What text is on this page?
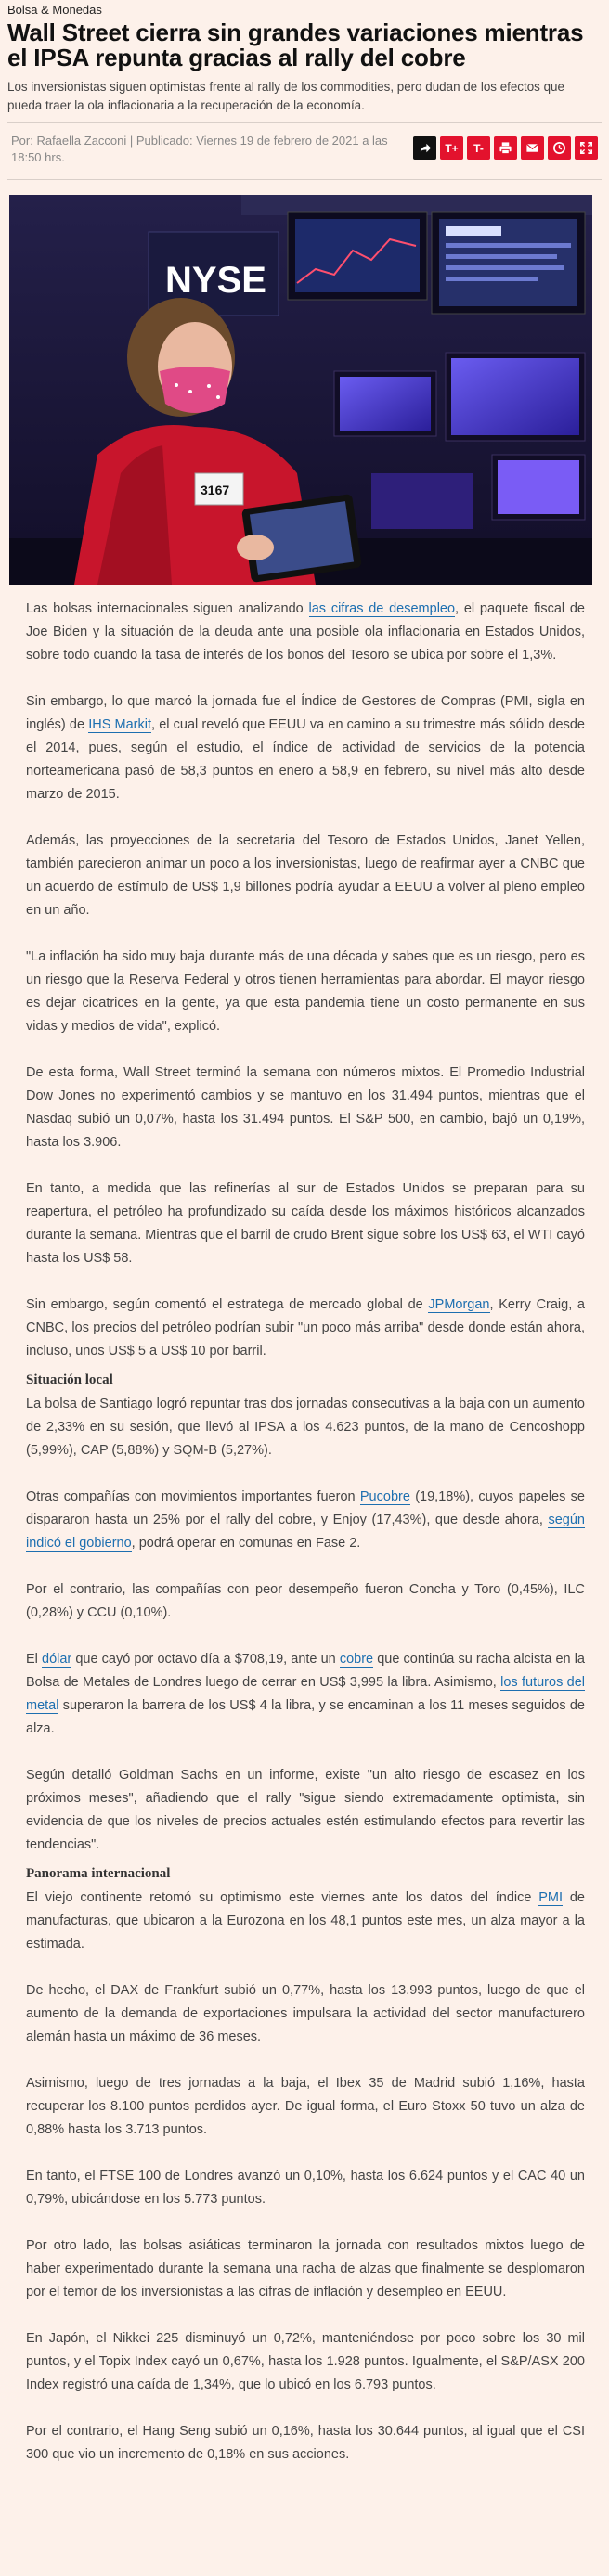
Bolsa & Monedas
Wall Street cierra sin grandes variaciones mientras el IPSA repunta gracias al rally del cobre
Los inversionistas siguen optimistas frente al rally de los commodities, pero dudan de los efectos que pueda traer la ola inflacionaria a la recuperación de la economía.
Por: Rafaella Zacconi | Publicado: Viernes 19 de febrero de 2021 a las 18:50 hrs.
T+	T-
NYSE
3167

Las bolsas internacionales siguen analizando las cifras de desempleo, el paquete fiscal de Joe Biden y la situación de la deuda ante una posible ola inflacionaria en Estados Unidos, sobre todo cuando la tasa de interés de los bonos del Tesoro se ubica por sobre el 1,3%.

Sin embargo, lo que marcó la jornada fue el Índice de Gestores de Compras (PMI, sigla en inglés) de IHS Markit, el cual reveló que EEUU va en camino a su trimestre más sólido desde el 2014, pues, según el estudio, el índice de actividad de servicios de la potencia norteamericana pasó de 58,3 puntos en enero a 58,9 en febrero, su nivel más alto desde marzo de 2015.

Además, las proyecciones de la secretaria del Tesoro de Estados Unidos, Janet Yellen, también parecieron animar un poco a los inversionistas, luego de reafirmar ayer a CNBC que un acuerdo de estímulo de US$ 1,9 billones podría ayudar a EEUU a volver al pleno empleo en un año.

"La inflación ha sido muy baja durante más de una década y sabes que es un riesgo, pero es un riesgo que la Reserva Federal y otros tienen herramientas para abordar. El mayor riesgo es dejar cicatrices en la gente, ya que esta pandemia tiene un costo permanente en sus vidas y medios de vida", explicó.

De esta forma, Wall Street terminó la semana con números mixtos. El Promedio Industrial Dow Jones no experimentó cambios y se mantuvo en los 31.494 puntos, mientras que el Nasdaq subió un 0,07%, hasta los 31.494 puntos. El S&P 500, en cambio, bajó un 0,19%, hasta los 3.906.

En tanto, a medida que las refinerías al sur de Estados Unidos se preparan para su reapertura, el petróleo ha profundizado su caída desde los máximos históricos alcanzados durante la semana. Mientras que el barril de crudo Brent sigue sobre los US$ 63, el WTI cayó hasta los US$ 58.

Sin embargo, según comentó el estratega de mercado global de JPMorgan, Kerry Craig, a CNBC, los precios del petróleo podrían subir "un poco más arriba" desde donde están ahora, incluso, unos US$ 5 a US$ 10 por barril.

Situación local

La bolsa de Santiago logró repuntar tras dos jornadas consecutivas a la baja con un aumento de 2,33% en su sesión, que llevó al IPSA a los 4.623 puntos, de la mano de Cencoshopp (5,99%), CAP (5,88%) y SQM-B (5,27%).

Otras compañías con movimientos importantes fueron Pucobre (19,18%), cuyos papeles se dispararon hasta un 25% por el rally del cobre, y Enjoy (17,43%), que desde ahora, según indicó el gobierno, podrá operar en comunas en Fase 2.

Por el contrario, las compañías con peor desempeño fueron Concha y Toro (0,45%), ILC (0,28%) y CCU (0,10%).

El dólar que cayó por octavo día a $708,19, ante un cobre que continúa su racha alcista en la Bolsa de Metales de Londres luego de cerrar en US$ 3,995 la libra. Asimismo, los futuros del metal superaron la barrera de los US$ 4 la libra, y se encaminan a los 11 meses seguidos de alza.

Según detalló Goldman Sachs en un informe, existe "un alto riesgo de escasez en los próximos meses", añadiendo que el rally "sigue siendo extremadamente optimista, sin evidencia de que los niveles de precios actuales estén estimulando efectos para revertir las tendencias".

Panorama internacional

El viejo continente retomó su optimismo este viernes ante los datos del índice PMI de manufacturas, que ubicaron a la Eurozona en los 48,1 puntos este mes, un alza mayor a la estimada.

De hecho, el DAX de Frankfurt subió un 0,77%, hasta los 13.993 puntos, luego de que el aumento de la demanda de exportaciones impulsara la actividad del sector manufacturero alemán hasta un máximo de 36 meses.

Asimismo, luego de tres jornadas a la baja, el Ibex 35 de Madrid subió 1,16%, hasta recuperar los 8.100 puntos perdidos ayer. De igual forma, el Euro Stoxx 50 tuvo un alza de 0,88% hasta los 3.713 puntos.

En tanto, el FTSE 100 de Londres avanzó un 0,10%, hasta los 6.624 puntos y el CAC 40 un 0,79%, ubicándose en los 5.773 puntos.

Por otro lado, las bolsas asiáticas terminaron la jornada con resultados mixtos luego de haber experimentado durante la semana una racha de alzas que finalmente se desplomaron por el temor de los inversionistas a las cifras de inflación y desempleo en EEUU.

En Japón, el Nikkei 225 disminuyó un 0,72%, manteniéndose por poco sobre los 30 mil puntos, y el Topix Index cayó un 0,67%, hasta los 1.928 puntos. Igualmente, el S&P/ASX 200 Index registró una caída de 1,34%, que lo ubicó en los 6.793 puntos.

Por el contrario, el Hang Seng subió un 0,16%, hasta los 30.644 puntos, al igual que el CSI 300 que vio un incremento de 0,18% en sus acciones.
